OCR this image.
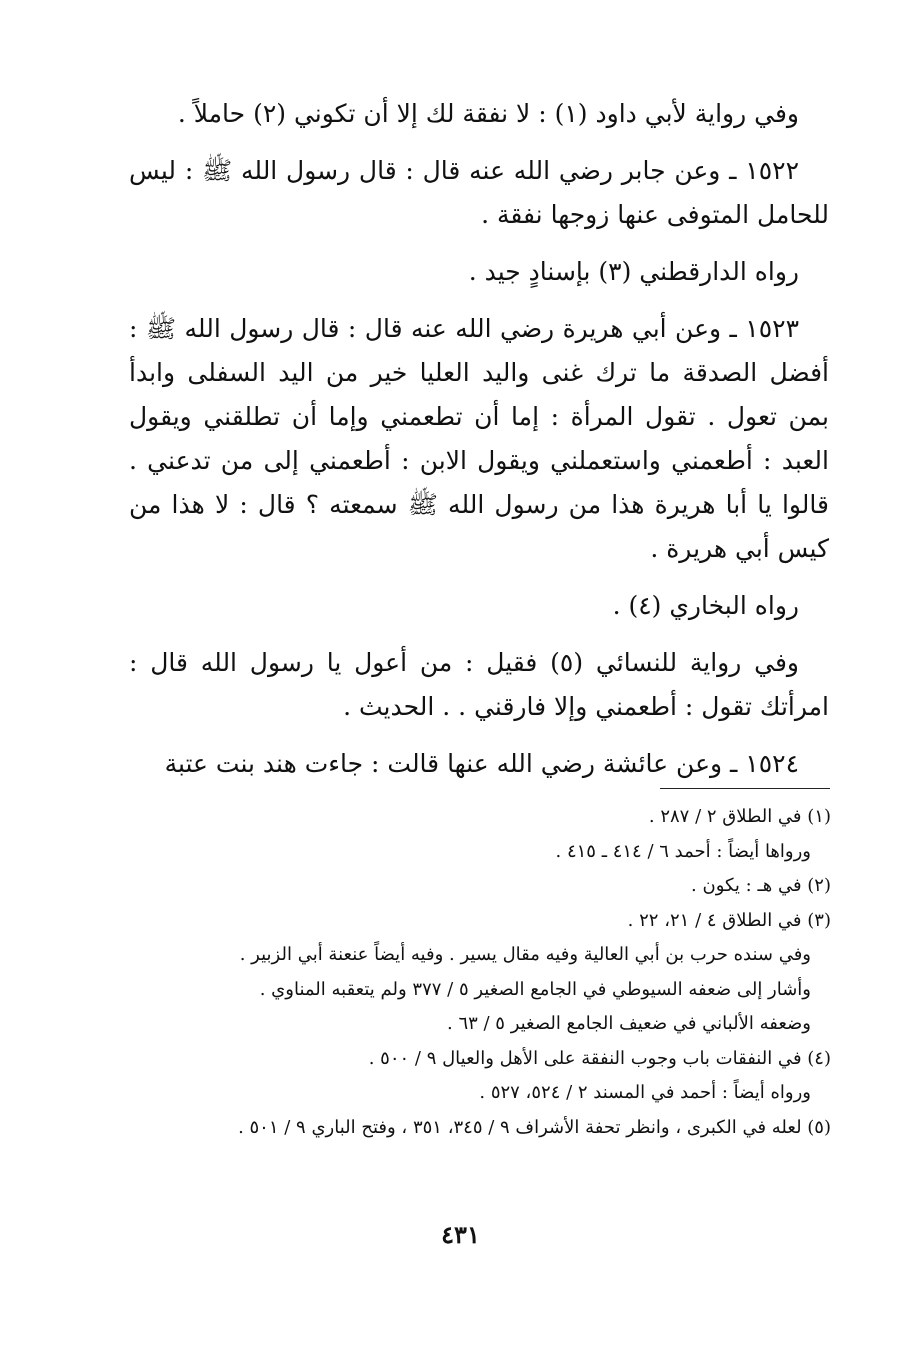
وفي رواية لأبي داود (١) : لا نفقة لك إلا أن تكوني (٢) حاملاً .

١٥٢٢ ـ وعن جابر رضي الله عنه قال : قال رسول الله ﷺ : ليس للحامل المتوفى عنها زوجها نفقة .

رواه الدارقطني (٣) بإسنادٍ جيد .

١٥٢٣ ـ وعن أبي هريرة رضي الله عنه قال : قال رسول الله ﷺ : أفضل الصدقة ما ترك غنى واليد العليا خير من اليد السفلى وابدأ بمن تعول . تقول المرأة : إما أن تطعمني وإما أن تطلقني ويقول العبد : أطعمني واستعملني ويقول الابن : أطعمني إلى من تدعني . قالوا يا أبا هريرة هذا من رسول الله ﷺ سمعته ؟ قال : لا هذا من كيس أبي هريرة .

رواه البخاري (٤) .

وفي رواية للنسائي (٥) فقيل : من أعول يا رسول الله قال : امرأتك تقول : أطعمني وإلا فارقني . . الحديث .

١٥٢٤ ـ وعن عائشة رضي الله عنها قالت : جاءت هند بنت عتبة

(١) في الطلاق ٢ / ٢٨٧ .

ورواها أيضاً : أحمد ٦ / ٤١٤ ـ ٤١٥ .

(٢) في هـ : يكون .

(٣) في الطلاق ٤ / ٢١، ٢٢ .

وفي سنده حرب بن أبي العالية وفيه مقال يسير . وفيه أيضاً عنعنة أبي الزبير .

وأشار إلى ضعفه السيوطي في الجامع الصغير ٥ / ٣٧٧ ولم يتعقبه المناوي .

وضعفه الألباني في ضعيف الجامع الصغير ٥ / ٦٣ .

(٤) في النفقات باب وجوب النفقة على الأهل والعيال ٩ / ٥٠٠ .

ورواه أيضاً : أحمد في المسند ٢ / ٥٢٤، ٥٢٧ .

(٥) لعله في الكبرى ، وانظر تحفة الأشراف ٩ / ٣٤٥، ٣٥١ ، وفتح الباري ٩ / ٥٠١ .

٤٣١
